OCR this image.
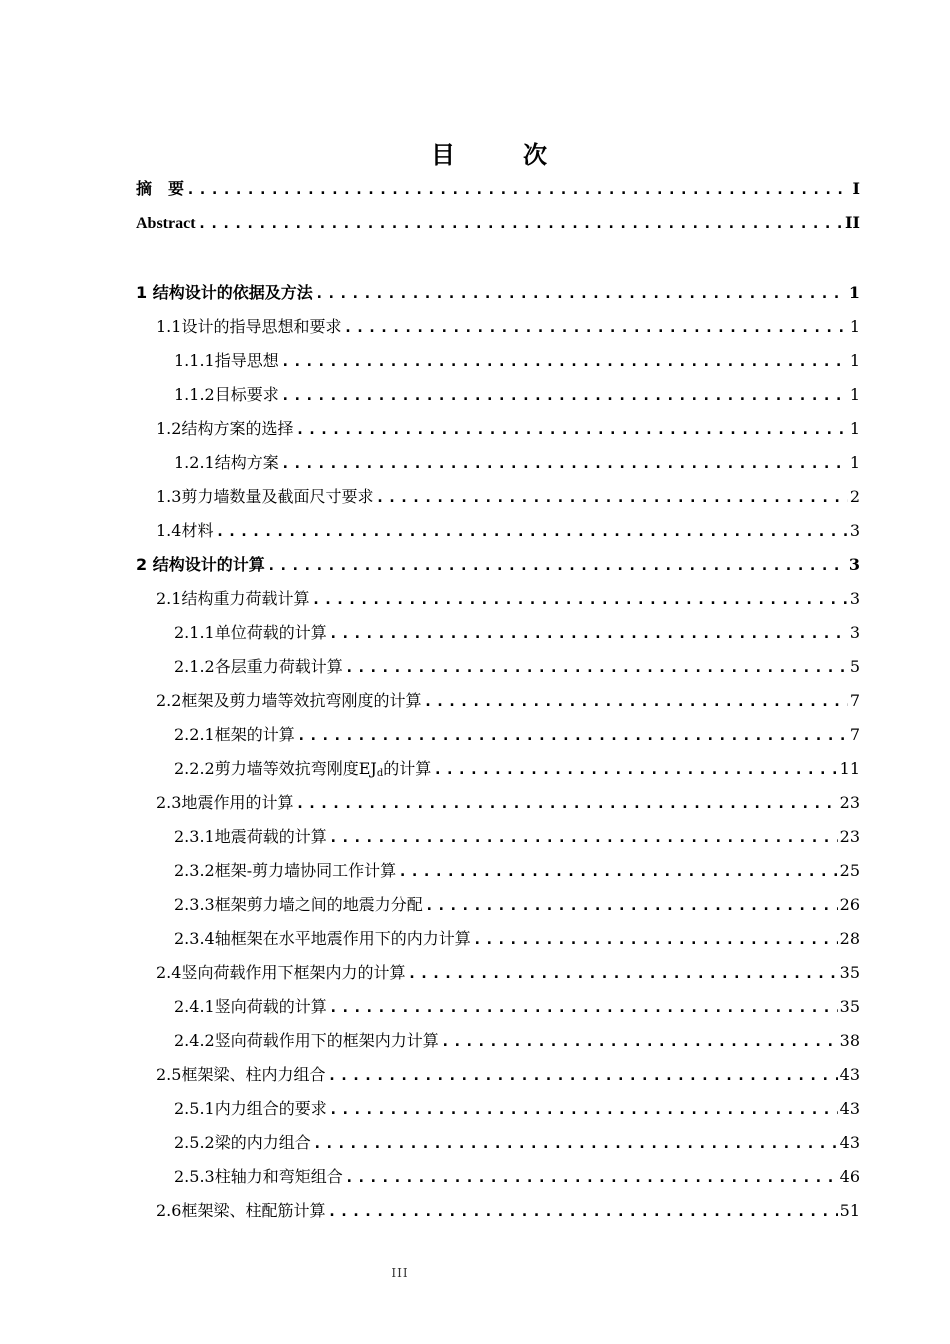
目　次
摘　要 .....	I
Abstract .....	II
1 结构设计的依据及方法 .....	1
1.1设计的指导思想和要求 .....	1
1.1.1指导思想 .....	1
1.1.2目标要求 .....	1
1.2结构方案的选择 .....	1
1.2.1结构方案 .....	1
1.3剪力墙数量及截面尺寸要求 .....	2
1.4材料 .....	3
2 结构设计的计算 .....	3
2.1结构重力荷载计算 .....	3
2.1.1单位荷载的计算 .....	3
2.1.2各层重力荷载计算 .....	5
2.2框架及剪力墙等效抗弯刚度的计算 .....	7
2.2.1框架的计算 .....	7
2.2.2剪力墙等效抗弯刚度$EJ_d$的计算 .....	11
2.3地震作用的计算 .....	23
2.3.1地震荷载的计算 .....	23
2.3.2框架-剪力墙协同工作计算 .....	25
2.3.3框架剪力墙之间的地震力分配 .....	26
2.3.4轴框架在水平地震作用下的内力计算 .....	28
2.4竖向荷载作用下框架内力的计算 .....	35
2.4.1竖向荷载的计算 .....	35
2.4.2竖向荷载作用下的框架内力计算 .....	38
2.5框架梁、柱内力组合 .....	43
2.5.1内力组合的要求 .....	43
2.5.2梁的内力组合 .....	43
2.5.3柱轴力和弯矩组合 .....	46
2.6框架梁、柱配筋计算 .....	51
III
